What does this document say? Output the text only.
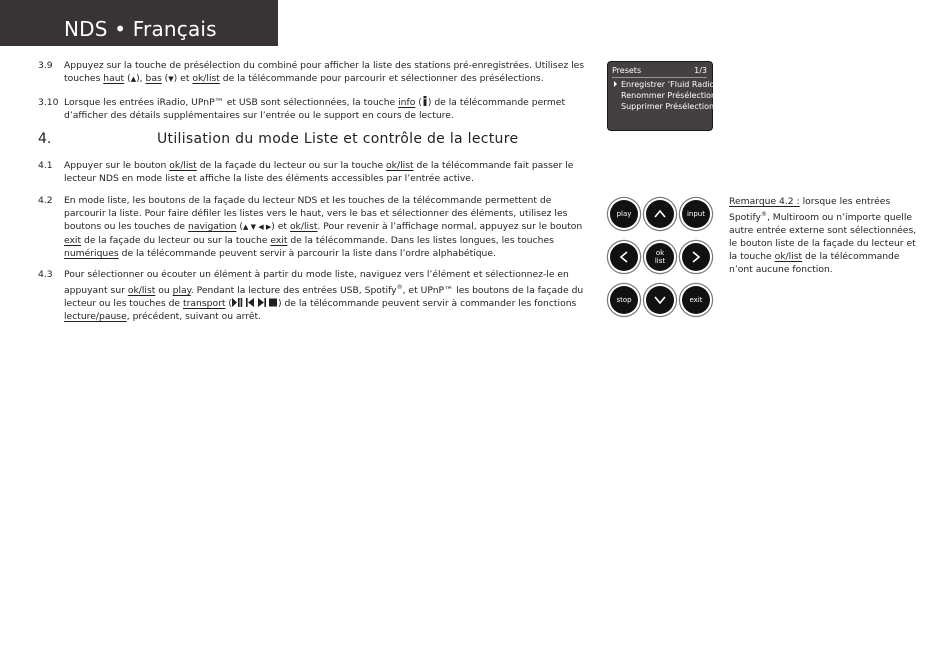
NDS • Français
3.9 Appuyez sur la touche de présélection du combiné pour afficher la liste des stations pré-enregistrées. Utilisez les touches haut (▲), bas (▼) et ok/list de la télécommande pour parcourir et sélectionner des présélections.
3.10 Lorsque les entrées iRadio, UPnP™ et USB sont sélectionnées, la touche info ( ) de la télécommande permet d’afficher des détails supplémentaires sur l’entrée ou le support en cours de lecture.
4.	Utilisation du mode Liste et contrôle de la lecture
4.1 Appuyer sur le bouton ok/list de la façade du lecteur ou sur la touche ok/list de la télécommande fait passer le lecteur NDS en mode liste et affiche la liste des éléments accessibles par l’entrée active.
4.2 En mode liste, les boutons de la façade du lecteur NDS et les touches de la télécommande permettent de parcourir la liste. Pour faire défiler les listes vers le haut, vers le bas et sélectionner des éléments, utilisez les boutons ou les touches de navigation (▲ ▼ ◀ ▶) et ok/list. Pour revenir à l’affichage normal, appuyez sur le bouton exit de la façade du lecteur ou sur la touche exit de la télécommande. Dans les listes longues, les touches numériques de la télécommande peuvent servir à parcourir la liste dans l’ordre alphabétique.
4.3 Pour sélectionner ou écouter un élément à partir du mode liste, naviguez vers l’élément et sélectionnez-le en appuyant sur ok/list ou play. Pendant la lecture des entrées USB, Spotify®, et UPnP™ les boutons de la façade du lecteur ou les touches de transport (	) de la télécommande peuvent servir à commander les fonctions lecture/pause, précédent, suivant ou arrêt.
Presets	1/3
Enregistrer ‘Fluid Radio’
Renommer Présélection
Supprimer Présélection
play	input
ok
list
stop	exit
Remarque 4.2 : lorsque les entrées Spotify®, Multiroom ou n’importe quelle autre entrée externe sont sélectionnées, le bouton liste de la façade du lecteur et la touche ok/list de la télécommande n’ont aucune fonction.
